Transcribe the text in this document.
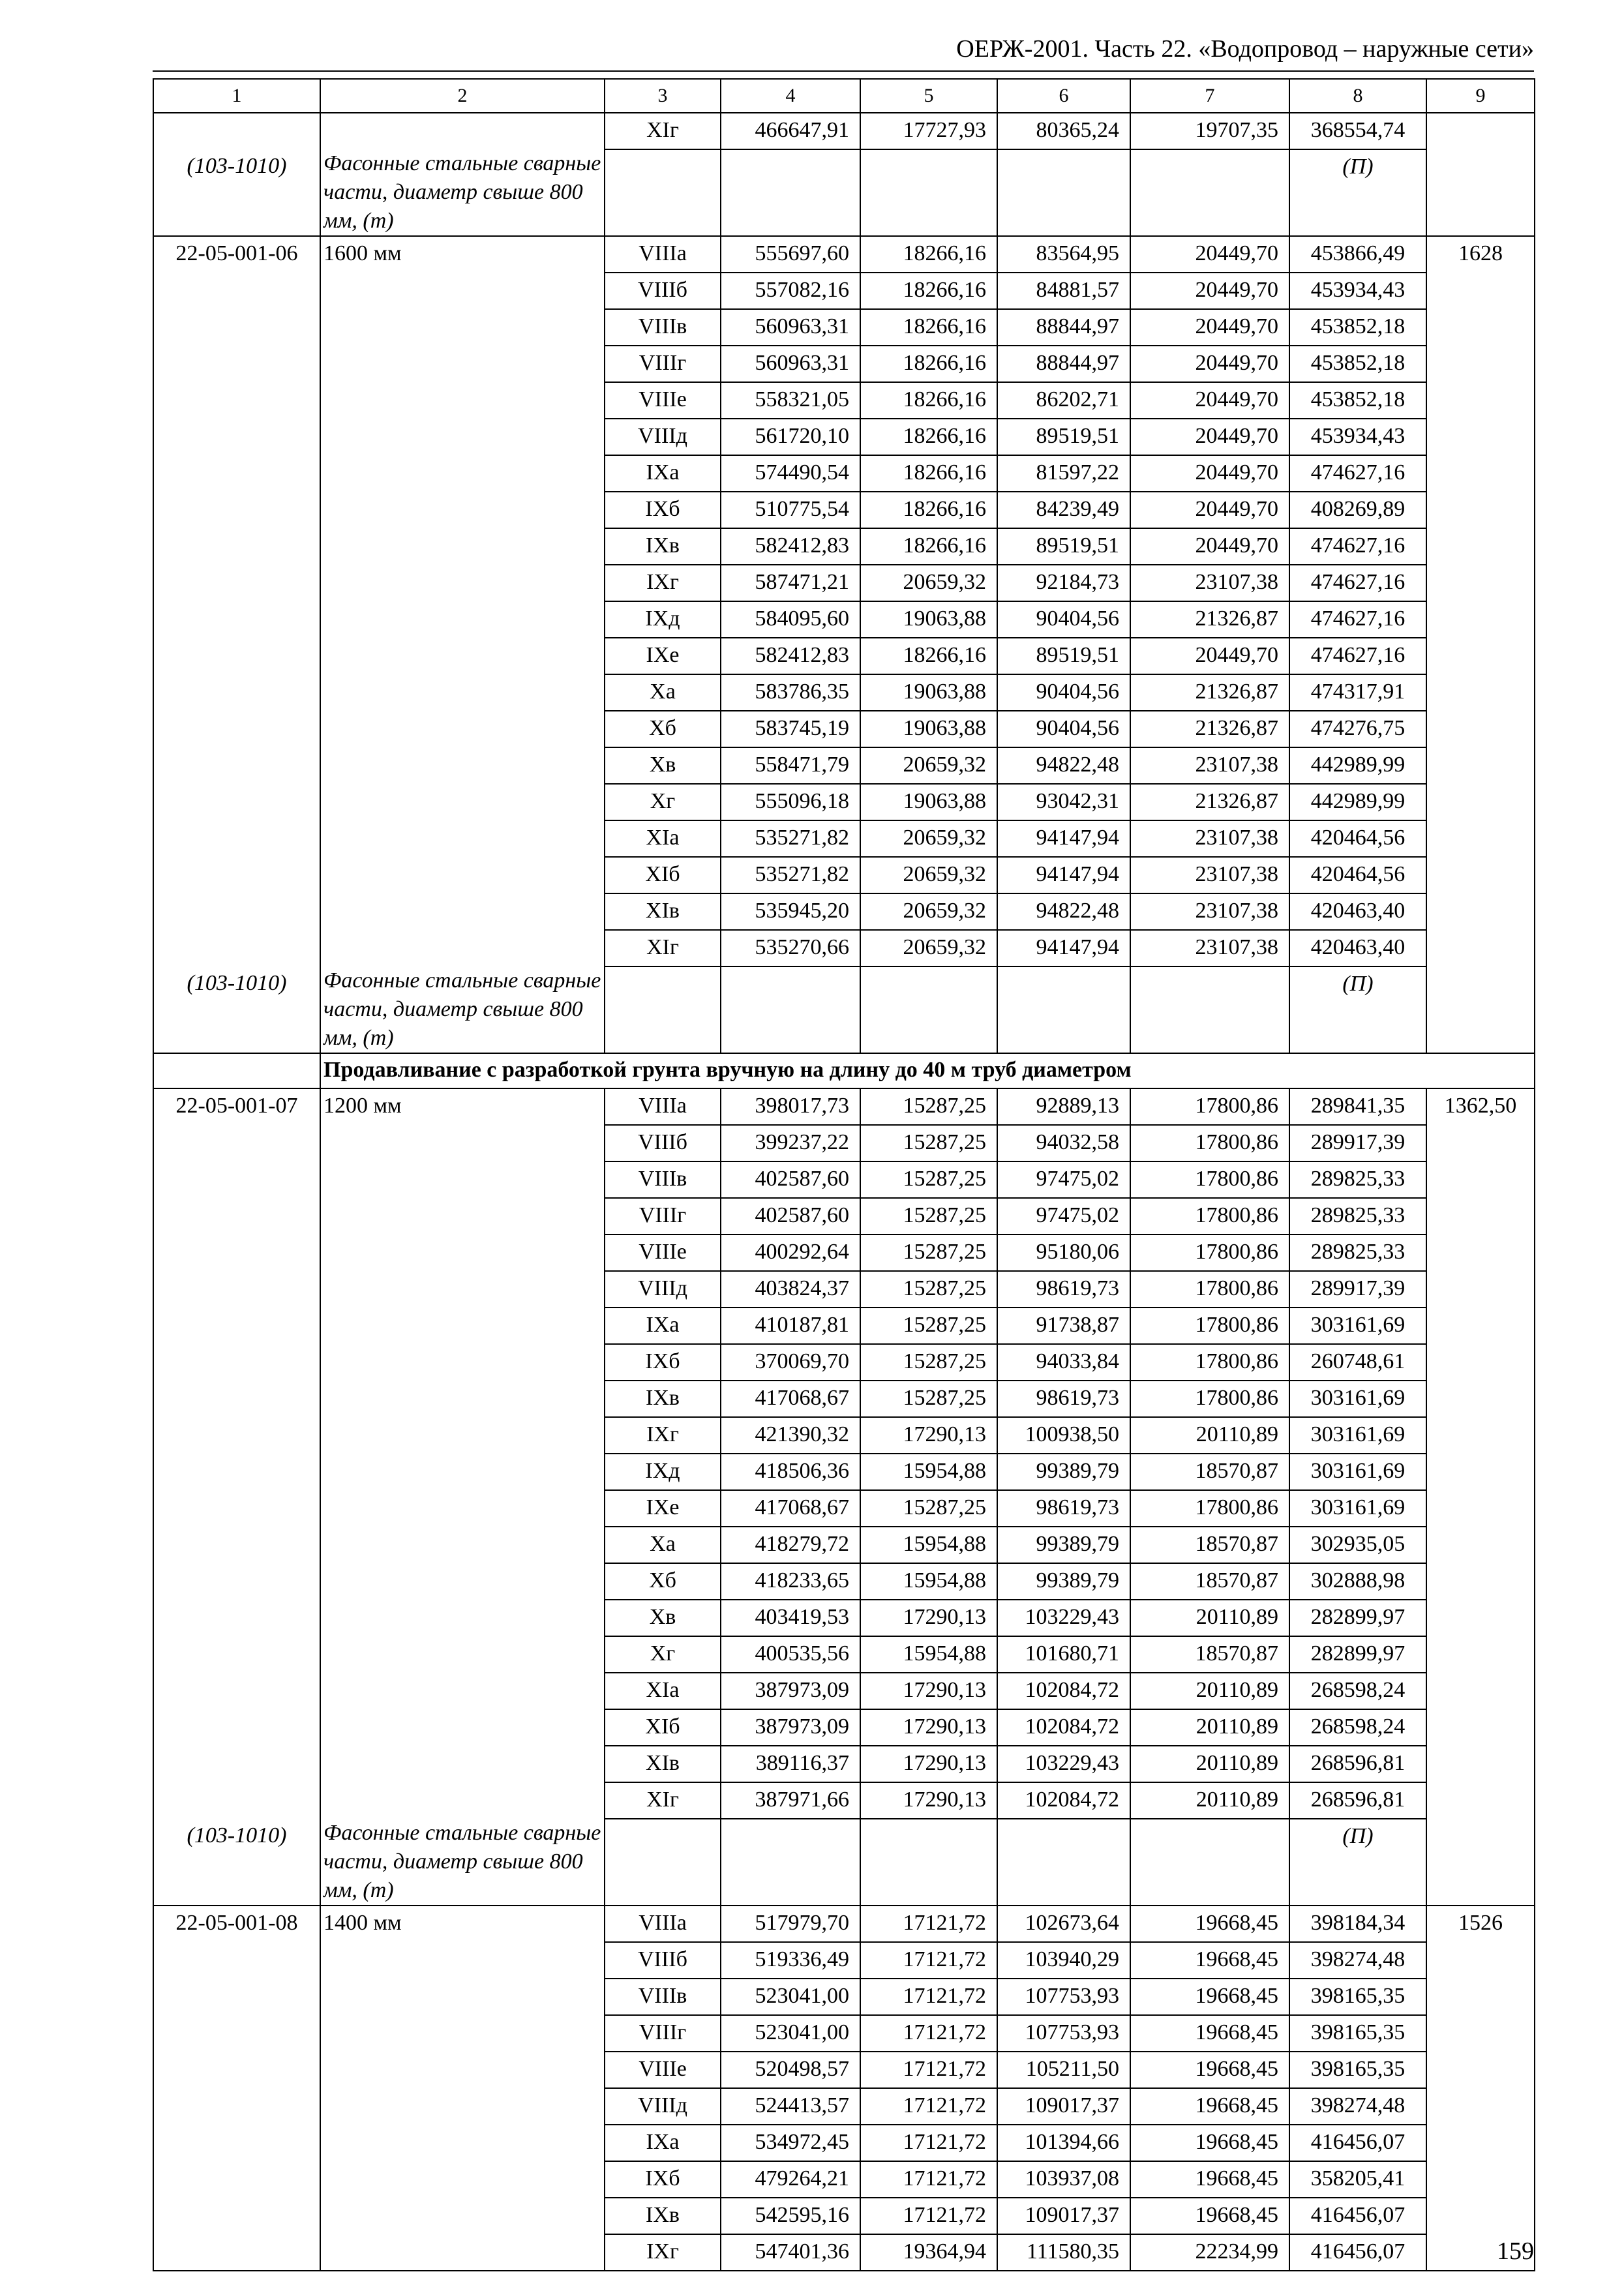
ОЕРЖ-2001. Часть 22. «Водопровод – наружные сети»
1	2	3	4	5	6	7	8	9
		XIг	466647,91	17727,93	80365,24	19707,35	368554,74	
(103-1010)	Фасонные стальные сварные части, диаметр свыше 800 мм, (т)						(П)	
22-05-001-06	1600 мм	VIIIа	555697,60	18266,16	83564,95	20449,70	453866,49	1628
		VIIIб	557082,16	18266,16	84881,57	20449,70	453934,43	
		VIIIв	560963,31	18266,16	88844,97	20449,70	453852,18	
		VIIIг	560963,31	18266,16	88844,97	20449,70	453852,18	
		VIIIе	558321,05	18266,16	86202,71	20449,70	453852,18	
		VIIIд	561720,10	18266,16	89519,51	20449,70	453934,43	
		IXа	574490,54	18266,16	81597,22	20449,70	474627,16	
		IXб	510775,54	18266,16	84239,49	20449,70	408269,89	
		IXв	582412,83	18266,16	89519,51	20449,70	474627,16	
		IXг	587471,21	20659,32	92184,73	23107,38	474627,16	
		IXд	584095,60	19063,88	90404,56	21326,87	474627,16	
		IXе	582412,83	18266,16	89519,51	20449,70	474627,16	
		Xа	583786,35	19063,88	90404,56	21326,87	474317,91	
		Xб	583745,19	19063,88	90404,56	21326,87	474276,75	
		Xв	558471,79	20659,32	94822,48	23107,38	442989,99	
		Xг	555096,18	19063,88	93042,31	21326,87	442989,99	
		XIа	535271,82	20659,32	94147,94	23107,38	420464,56	
		XIб	535271,82	20659,32	94147,94	23107,38	420464,56	
		XIв	535945,20	20659,32	94822,48	23107,38	420463,40	
		XIг	535270,66	20659,32	94147,94	23107,38	420463,40	
(103-1010)	Фасонные стальные сварные части, диаметр свыше 800 мм, (т)						(П)	
	Продавливание с разработкой грунта вручную на длину до 40 м труб диаметром							
22-05-001-07	1200 мм	VIIIа	398017,73	15287,25	92889,13	17800,86	289841,35	1362,50
		VIIIб	399237,22	15287,25	94032,58	17800,86	289917,39	
		VIIIв	402587,60	15287,25	97475,02	17800,86	289825,33	
		VIIIг	402587,60	15287,25	97475,02	17800,86	289825,33	
		VIIIе	400292,64	15287,25	95180,06	17800,86	289825,33	
		VIIIд	403824,37	15287,25	98619,73	17800,86	289917,39	
		IXа	410187,81	15287,25	91738,87	17800,86	303161,69	
		IXб	370069,70	15287,25	94033,84	17800,86	260748,61	
		IXв	417068,67	15287,25	98619,73	17800,86	303161,69	
		IXг	421390,32	17290,13	100938,50	20110,89	303161,69	
		IXд	418506,36	15954,88	99389,79	18570,87	303161,69	
		IXе	417068,67	15287,25	98619,73	17800,86	303161,69	
		Xа	418279,72	15954,88	99389,79	18570,87	302935,05	
		Xб	418233,65	15954,88	99389,79	18570,87	302888,98	
		Xв	403419,53	17290,13	103229,43	20110,89	282899,97	
		Xг	400535,56	15954,88	101680,71	18570,87	282899,97	
		XIа	387973,09	17290,13	102084,72	20110,89	268598,24	
		XIб	387973,09	17290,13	102084,72	20110,89	268598,24	
		XIв	389116,37	17290,13	103229,43	20110,89	268596,81	
		XIг	387971,66	17290,13	102084,72	20110,89	268596,81	
(103-1010)	Фасонные стальные сварные части, диаметр свыше 800 мм, (т)						(П)	
22-05-001-08	1400 мм	VIIIа	517979,70	17121,72	102673,64	19668,45	398184,34	1526
		VIIIб	519336,49	17121,72	103940,29	19668,45	398274,48	
		VIIIв	523041,00	17121,72	107753,93	19668,45	398165,35	
		VIIIг	523041,00	17121,72	107753,93	19668,45	398165,35	
		VIIIе	520498,57	17121,72	105211,50	19668,45	398165,35	
		VIIIд	524413,57	17121,72	109017,37	19668,45	398274,48	
		IXа	534972,45	17121,72	101394,66	19668,45	416456,07	
		IXб	479264,21	17121,72	103937,08	19668,45	358205,41	
		IXв	542595,16	17121,72	109017,37	19668,45	416456,07	
		IXг	547401,36	19364,94	111580,35	22234,99	416456,07		159
